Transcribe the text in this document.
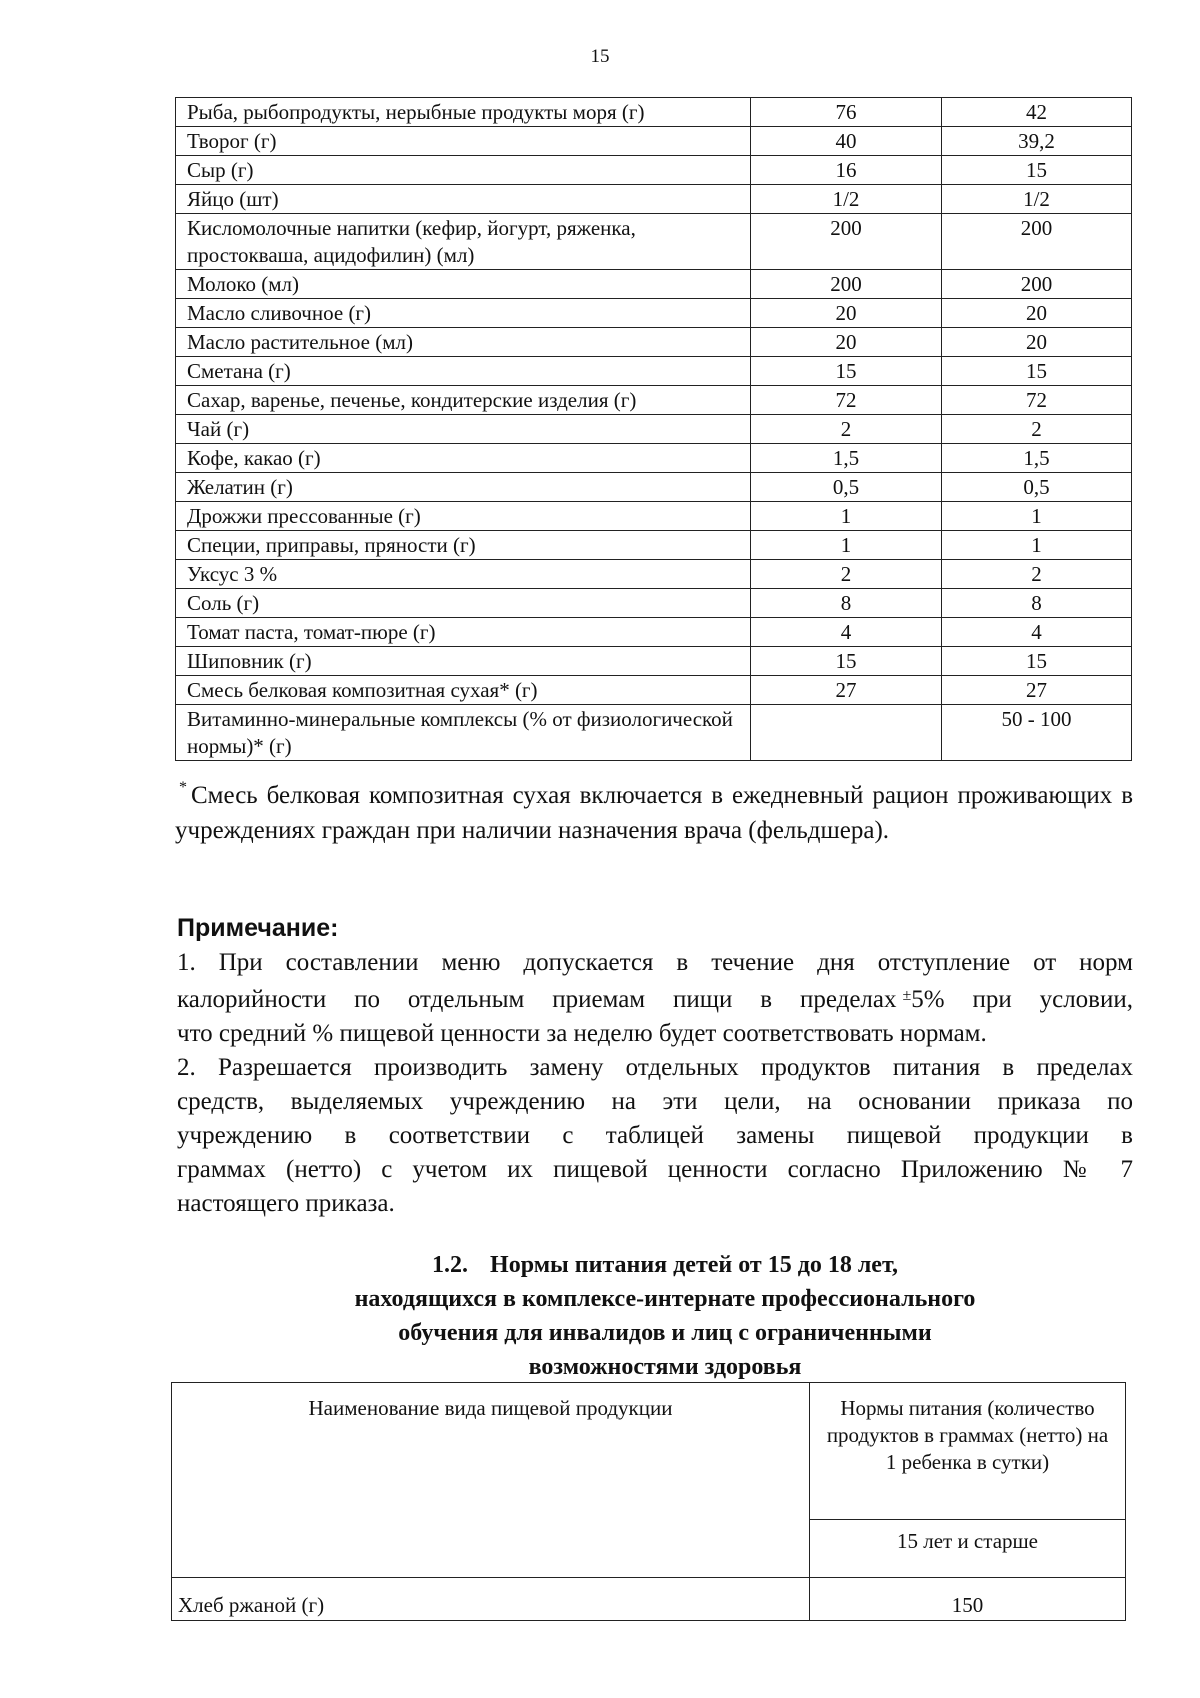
15
Рыба, рыбопродукты, нерыбные продукты моря (г)	76	42
Творог (г)	40	39,2
Сыр (г)	16	15
Яйцо (шт)	1/2	1/2
Кисломолочные напитки (кефир, йогурт, ряженка, простокваша, ацидофилин) (мл)	200	200
Молоко (мл)	200	200
Масло сливочное (г)	20	20
Масло растительное (мл)	20	20
Сметана (г)	15	15
Сахар, варенье, печенье, кондитерские изделия (г)	72	72
Чай (г)	2	2
Кофе, какао (г)	1,5	1,5
Желатин (г)	0,5	0,5
Дрожжи прессованные (г)	1	1
Специи, приправы, пряности (г)	1	1
Уксус 3 %	2	2
Соль (г)	8	8
Томат паста, томат-пюре (г)	4	4
Шиповник (г)	15	15
Смесь белковая композитная сухая* (г)	27	27
Витаминно-минеральные комплексы (% от физиологической нормы)* (г)		50 - 100
* Смесь белковая композитная сухая включается в ежедневный рацион проживающих в учреждениях граждан при наличии назначения врача (фельдшера).
Примечание:

1. При составлении меню допускается в течение дня отступление от норм

калорийности по отдельным приемам пищи в пределах ±5% при условии,

что средний % пищевой ценности за неделю будет соответствовать нормам.

2. Разрешается производить замену отдельных продуктов питания в пределах

средств, выделяемых учреждению на эти цели, на основании приказа по

учреждению в соответствии с таблицей замены пищевой продукции в

граммах (нетто) с учетом их пищевой ценности согласно Приложению № 7

настоящего приказа.

1.2. Нормы питания детей от 15 до 18 лет,
находящихся в комплексе-интернате профессионального
обучения для инвалидов и лиц с ограниченными
возможностями здоровья
Наименование вида пищевой продукции	Нормы питания (количество продуктов в граммах (нетто) на 1 ребенка в сутки)
	15 лет и старше
Хлеб ржаной (г)	150
